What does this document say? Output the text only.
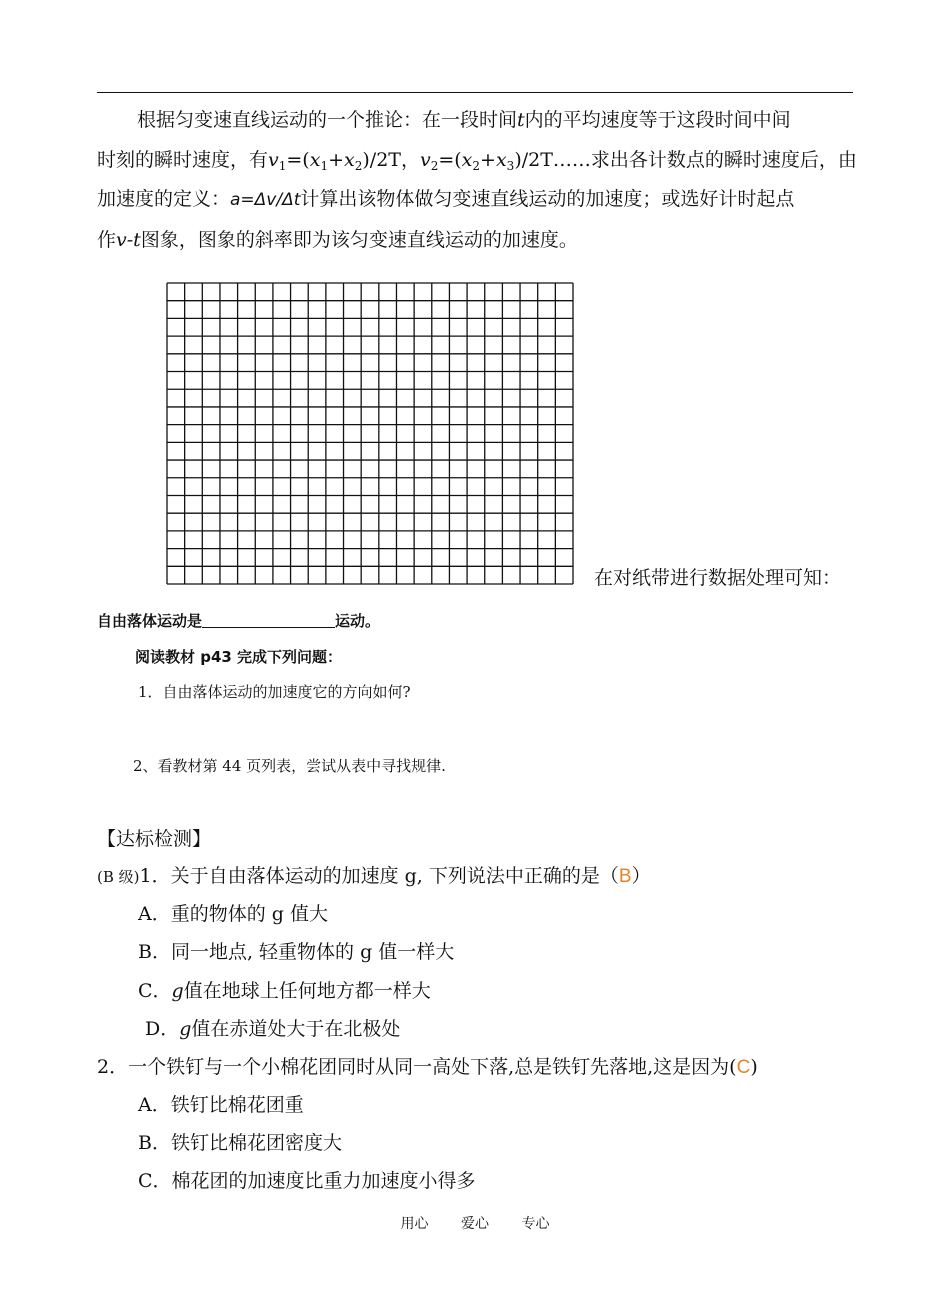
根据匀变速直线运动的一个推论：在一段时间t内的平均速度等于这段时间中间
时刻的瞬时速度，有$v_1=(x_1+x_2)/2T$，$v_2=(x_2+x_3)/2T\dots\dots$求出各计数点的瞬时速度后，由
加速度的定义：a=Δv/Δt计算出该物体做匀变速直线运动的加速度；或选好计时起点
作v-t图象，图象的斜率即为该匀变速直线运动的加速度。
在对纸带进行数据处理可知：
自由落体运动是	运动。
阅读教材 p43 完成下列问题：
1．自由落体运动的加速度它的方向如何?
2、看教材第 44 页列表，尝试从表中寻找规律.
【达标检测】
(B 级)1．关于自由落体运动的加速度 g, 下列说法中正确的是（B）
A．重的物体的 g 值大
B．同一地点, 轻重物体的 g 值一样大
C．g值在地球上任何地方都一样大
D．g值在赤道处大于在北极处
2．一个铁钉与一个小棉花团同时从同一高处下落,总是铁钉先落地,这是因为(C)
A．铁钉比棉花团重
B．铁钉比棉花团密度大
C．棉花团的加速度比重力加速度小得多
用心 爱心 专心
